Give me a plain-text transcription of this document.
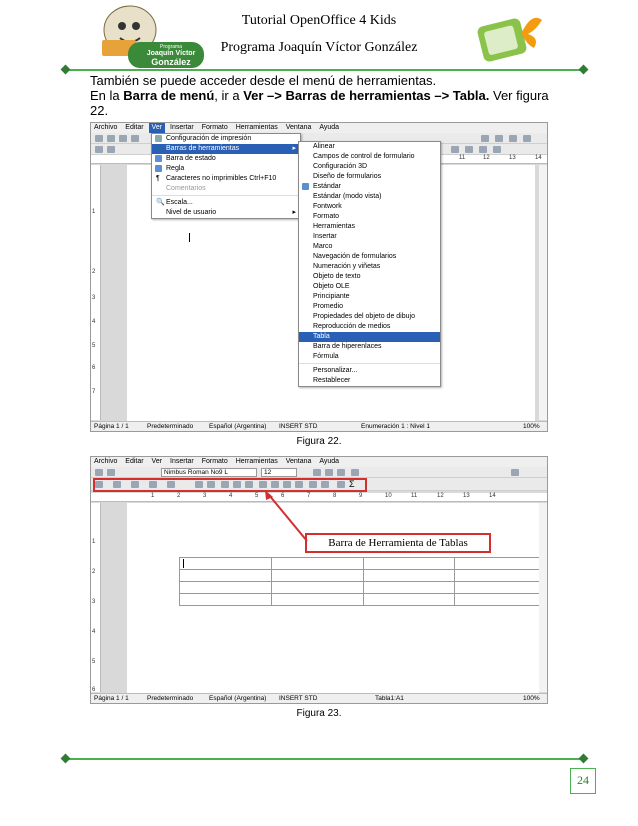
Programa
Joaquín Víctor
González
Tutorial OpenOffice 4 Kids
Programa Joaquín Víctor González
También se puede acceder desde el menú de herramientas.
En la Barra de menú, ir a Ver –> Barras de herramientas –> Tabla. Ver figura
22.
Archivo Editar Ver Insertar Formato Herramientas Ventana Ayuda
11	12	13	14
1
2
3
4
5
6
7
Configuración de impresión
Barras de herramientas	▸
Barra de estado
Regla
¶ Caracteres no imprimibles Ctrl+F10
Comentarios
🔍 Escala...
Nivel de usuario	▸
Alinear
Campos de control de formulario
Configuración 3D
Diseño de formularios
Estándar
Estándar (modo vista)
Fontwork
Formato
Herramientas
Insertar
Marco
Navegación de formularios
Numeración y viñetas
Objeto de texto
Objeto OLE
Principiante
Promedio
Propiedades del objeto de dibujo
Reproducción de medios
Tabla
Barra de hiperenlaces
Fórmula
Personalizar...
Restablecer
Página 1 / 1	Predeterminado Español (Argentina) INSERT STD	Enumeración 1 : Nivel 1	100%
Figura 22.
Archivo Editar Ver Insertar Formato Herramientas Ventana Ayuda
Nimbus Roman No9 L	12
Σ
1	2	3	4	5	6	7	8	9	10	11	12	13	14
1
2
3
4
5
6

Barra de Herramienta de Tablas
Página 1 / 1	Predeterminado Español (Argentina) INSERT STD	Tabla1:A1	100%
Figura 23.
24
